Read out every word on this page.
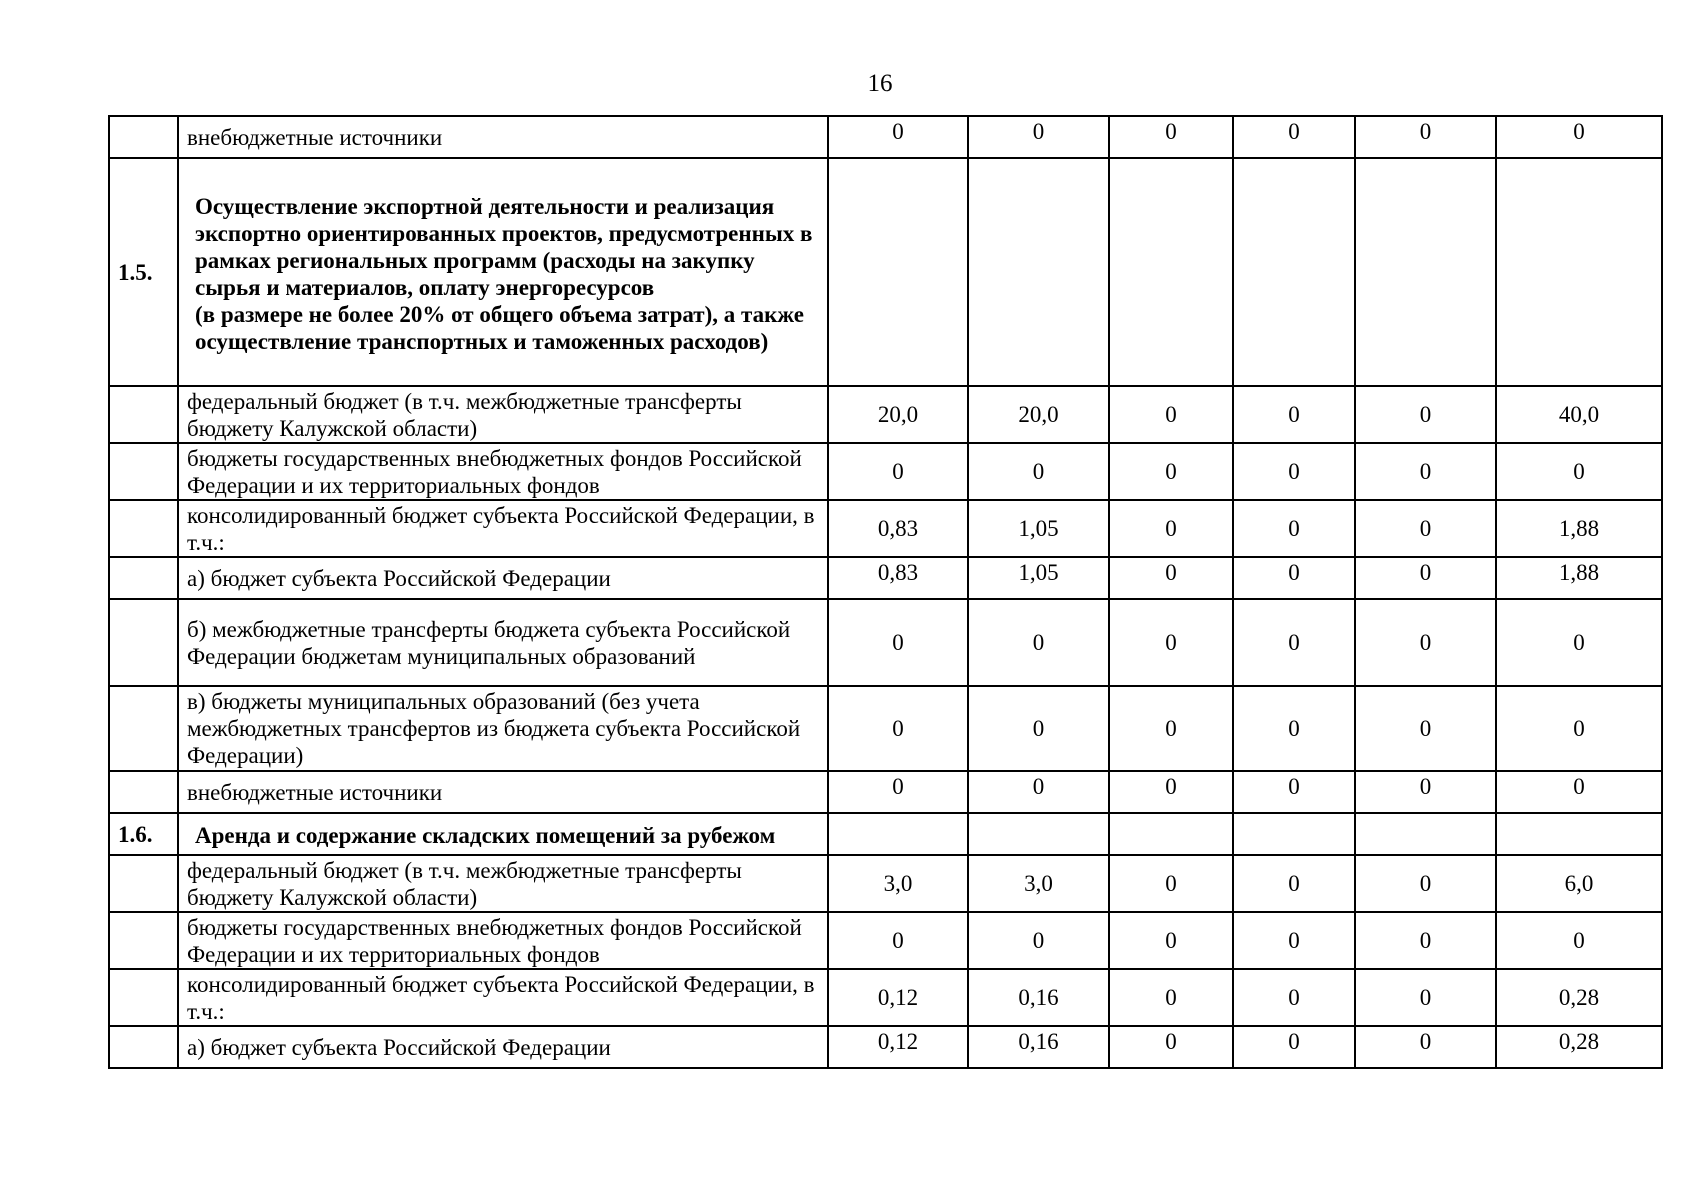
16
	внебюджетные источники	0	0	0	0	0	0
1.5.	Осуществление экспортной деятельности и реализация экспортно ориентированных проектов, предусмотренных в рамках региональных программ (расходы на закупку сырья и материалов, оплату энергоресурсов
(в размере не более 20% от общего объема затрат), а также осуществление транспортных и таможенных расходов)						
	федеральный бюджет (в т.ч. межбюджетные трансферты бюджету Калужской области)	20,0	20,0	0	0	0	40,0
	бюджеты государственных внебюджетных фондов Российской Федерации и их территориальных фондов	0	0	0	0	0	0
	консолидированный бюджет субъекта Российской Федерации, в т.ч.:	0,83	1,05	0	0	0	1,88
	а) бюджет субъекта Российской Федерации	0,83	1,05	0	0	0	1,88
	б) межбюджетные трансферты бюджета субъекта Российской Федерации бюджетам муниципальных образований	0	0	0	0	0	0
	в) бюджеты муниципальных образований (без учета межбюджетных трансфертов из бюджета субъекта Российской Федерации)	0	0	0	0	0	0
	внебюджетные источники	0	0	0	0	0	0
1.6.	Аренда и содержание складских помещений за рубежом						
	федеральный бюджет (в т.ч. межбюджетные трансферты бюджету Калужской области)	3,0	3,0	0	0	0	6,0
	бюджеты государственных внебюджетных фондов Российской Федерации и их территориальных фондов	0	0	0	0	0	0
	консолидированный бюджет субъекта Российской Федерации, в т.ч.:	0,12	0,16	0	0	0	0,28
	а) бюджет субъекта Российской Федерации	0,12	0,16	0	0	0	0,28
